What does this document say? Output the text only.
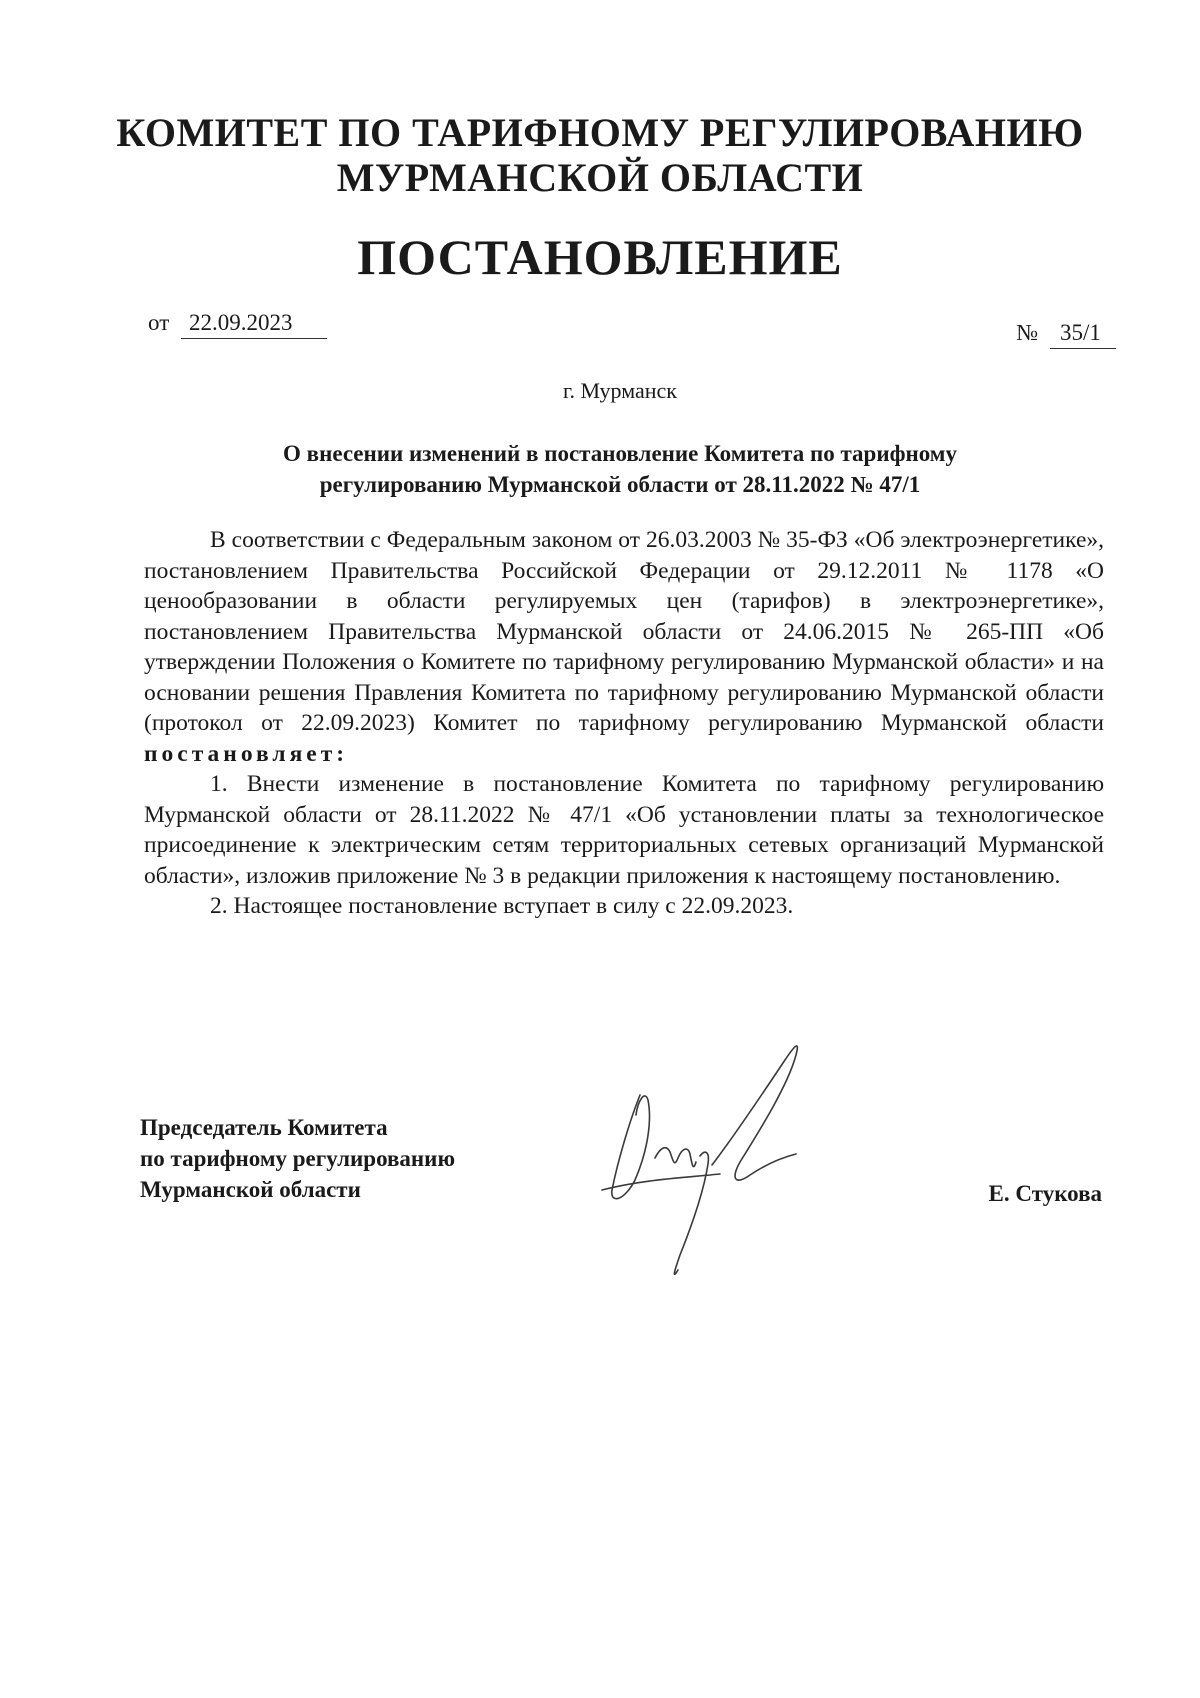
КОМИТЕТ ПО ТАРИФНОМУ РЕГУЛИРОВАНИЮ
МУРМАНСКОЙ ОБЛАСТИ
ПОСТАНОВЛЕНИЕ
от 22.09.2023	№ 35/1
г. Мурманск
О внесении изменений в постановление Комитета по тарифному
регулированию Мурманской области от 28.11.2022 № 47/1

В соответствии с Федеральным законом от 26.03.2003 № 35-ФЗ «Об электроэнергетике», постановлением Правительства Российской Федерации от 29.12.2011 № 1178 «О ценообразовании в области регулируемых цен (тарифов) в электроэнергетике», постановлением Правительства Мурманской области от 24.06.2015 № 265-ПП «Об утверждении Положения о Комитете по тарифному регулированию Мурманской области» и на основании решения Правления Комитета по тарифному регулированию Мурманской области (протокол от 22.09.2023) Комитет по тарифному регулированию Мурманской области постановляет:

1. Внести изменение в постановление Комитета по тарифному регулированию Мурманской области от 28.11.2022 № 47/1 «Об установлении платы за технологическое присоединение к электрическим сетям территориальных сетевых организаций Мурманской области», изложив приложение № 3 в редакции приложения к настоящему постановлению.

2. Настоящее постановление вступает в силу с 22.09.2023.

Председатель Комитета
по тарифному регулированию
Мурманской области	Е. Стукова
